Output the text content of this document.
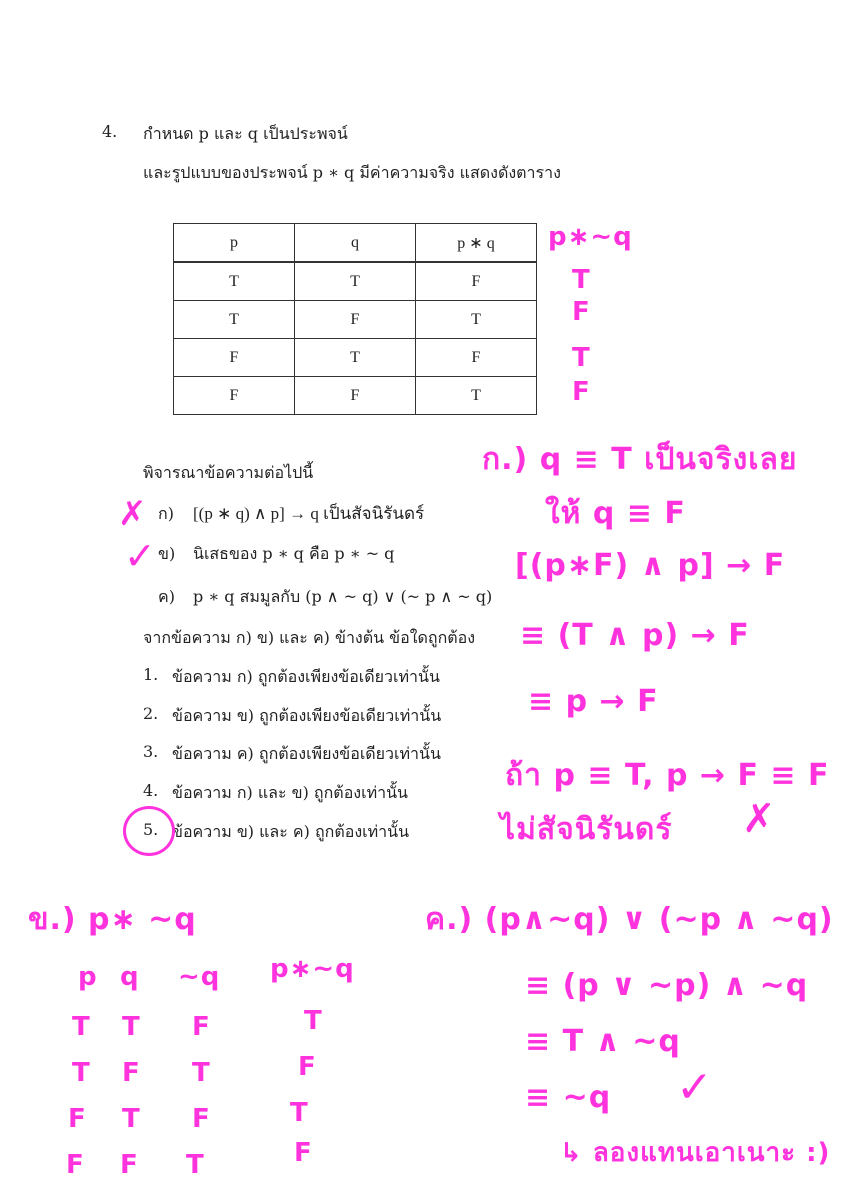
4. กำหนด p และ q เป็นประพจน์
และรูปแบบของประพจน์ p ∗ q มีค่าความจริง แสดงดังตาราง
p	q	p ∗ q
T	T	F
T	F	T
F	T	F
F	F	T
พิจารณาข้อความต่อไปนี้
ก) [(p ∗ q) ∧ p] → q เป็นสัจนิรันดร์
ข) นิเสธของ p ∗ q คือ p ∗ ~ q
ค) p ∗ q สมมูลกับ (p ∧ ~ q) ∨ (~ p ∧ ~ q)
จากข้อความ ก) ข) และ ค) ข้างต้น ข้อใดถูกต้อง
1. ข้อความ ก) ถูกต้องเพียงข้อเดียวเท่านั้น
2. ข้อความ ข) ถูกต้องเพียงข้อเดียวเท่านั้น
3. ข้อความ ค) ถูกต้องเพียงข้อเดียวเท่านั้น
4. ข้อความ ก) และ ข) ถูกต้องเท่านั้น
5. ข้อความ ข) และ ค) ถูกต้องเท่านั้น
✗
✓
p∗~q
T
F
T
F
ก.) q ≡ T เป็นจริงเลย
ให้ q ≡ F
[(p∗F) ∧ p] → F
≡ (T ∧ p) → F
≡ p → F
ถ้า p ≡ T, p → F ≡ F
ไม่สัจนิรันดร์ ✗
ข.) p∗ ~q
p q ~q p∗~q
T T F	T
T F T	F
F T F	T
F F T	F
ค.) (p∧~q) ∨ (~p ∧ ~q)
≡ (p ∨ ~p) ∧ ~q
≡ T ∧ ~q
≡ ~q ✓
↳ ลองแทนเอาเนาะ :)
